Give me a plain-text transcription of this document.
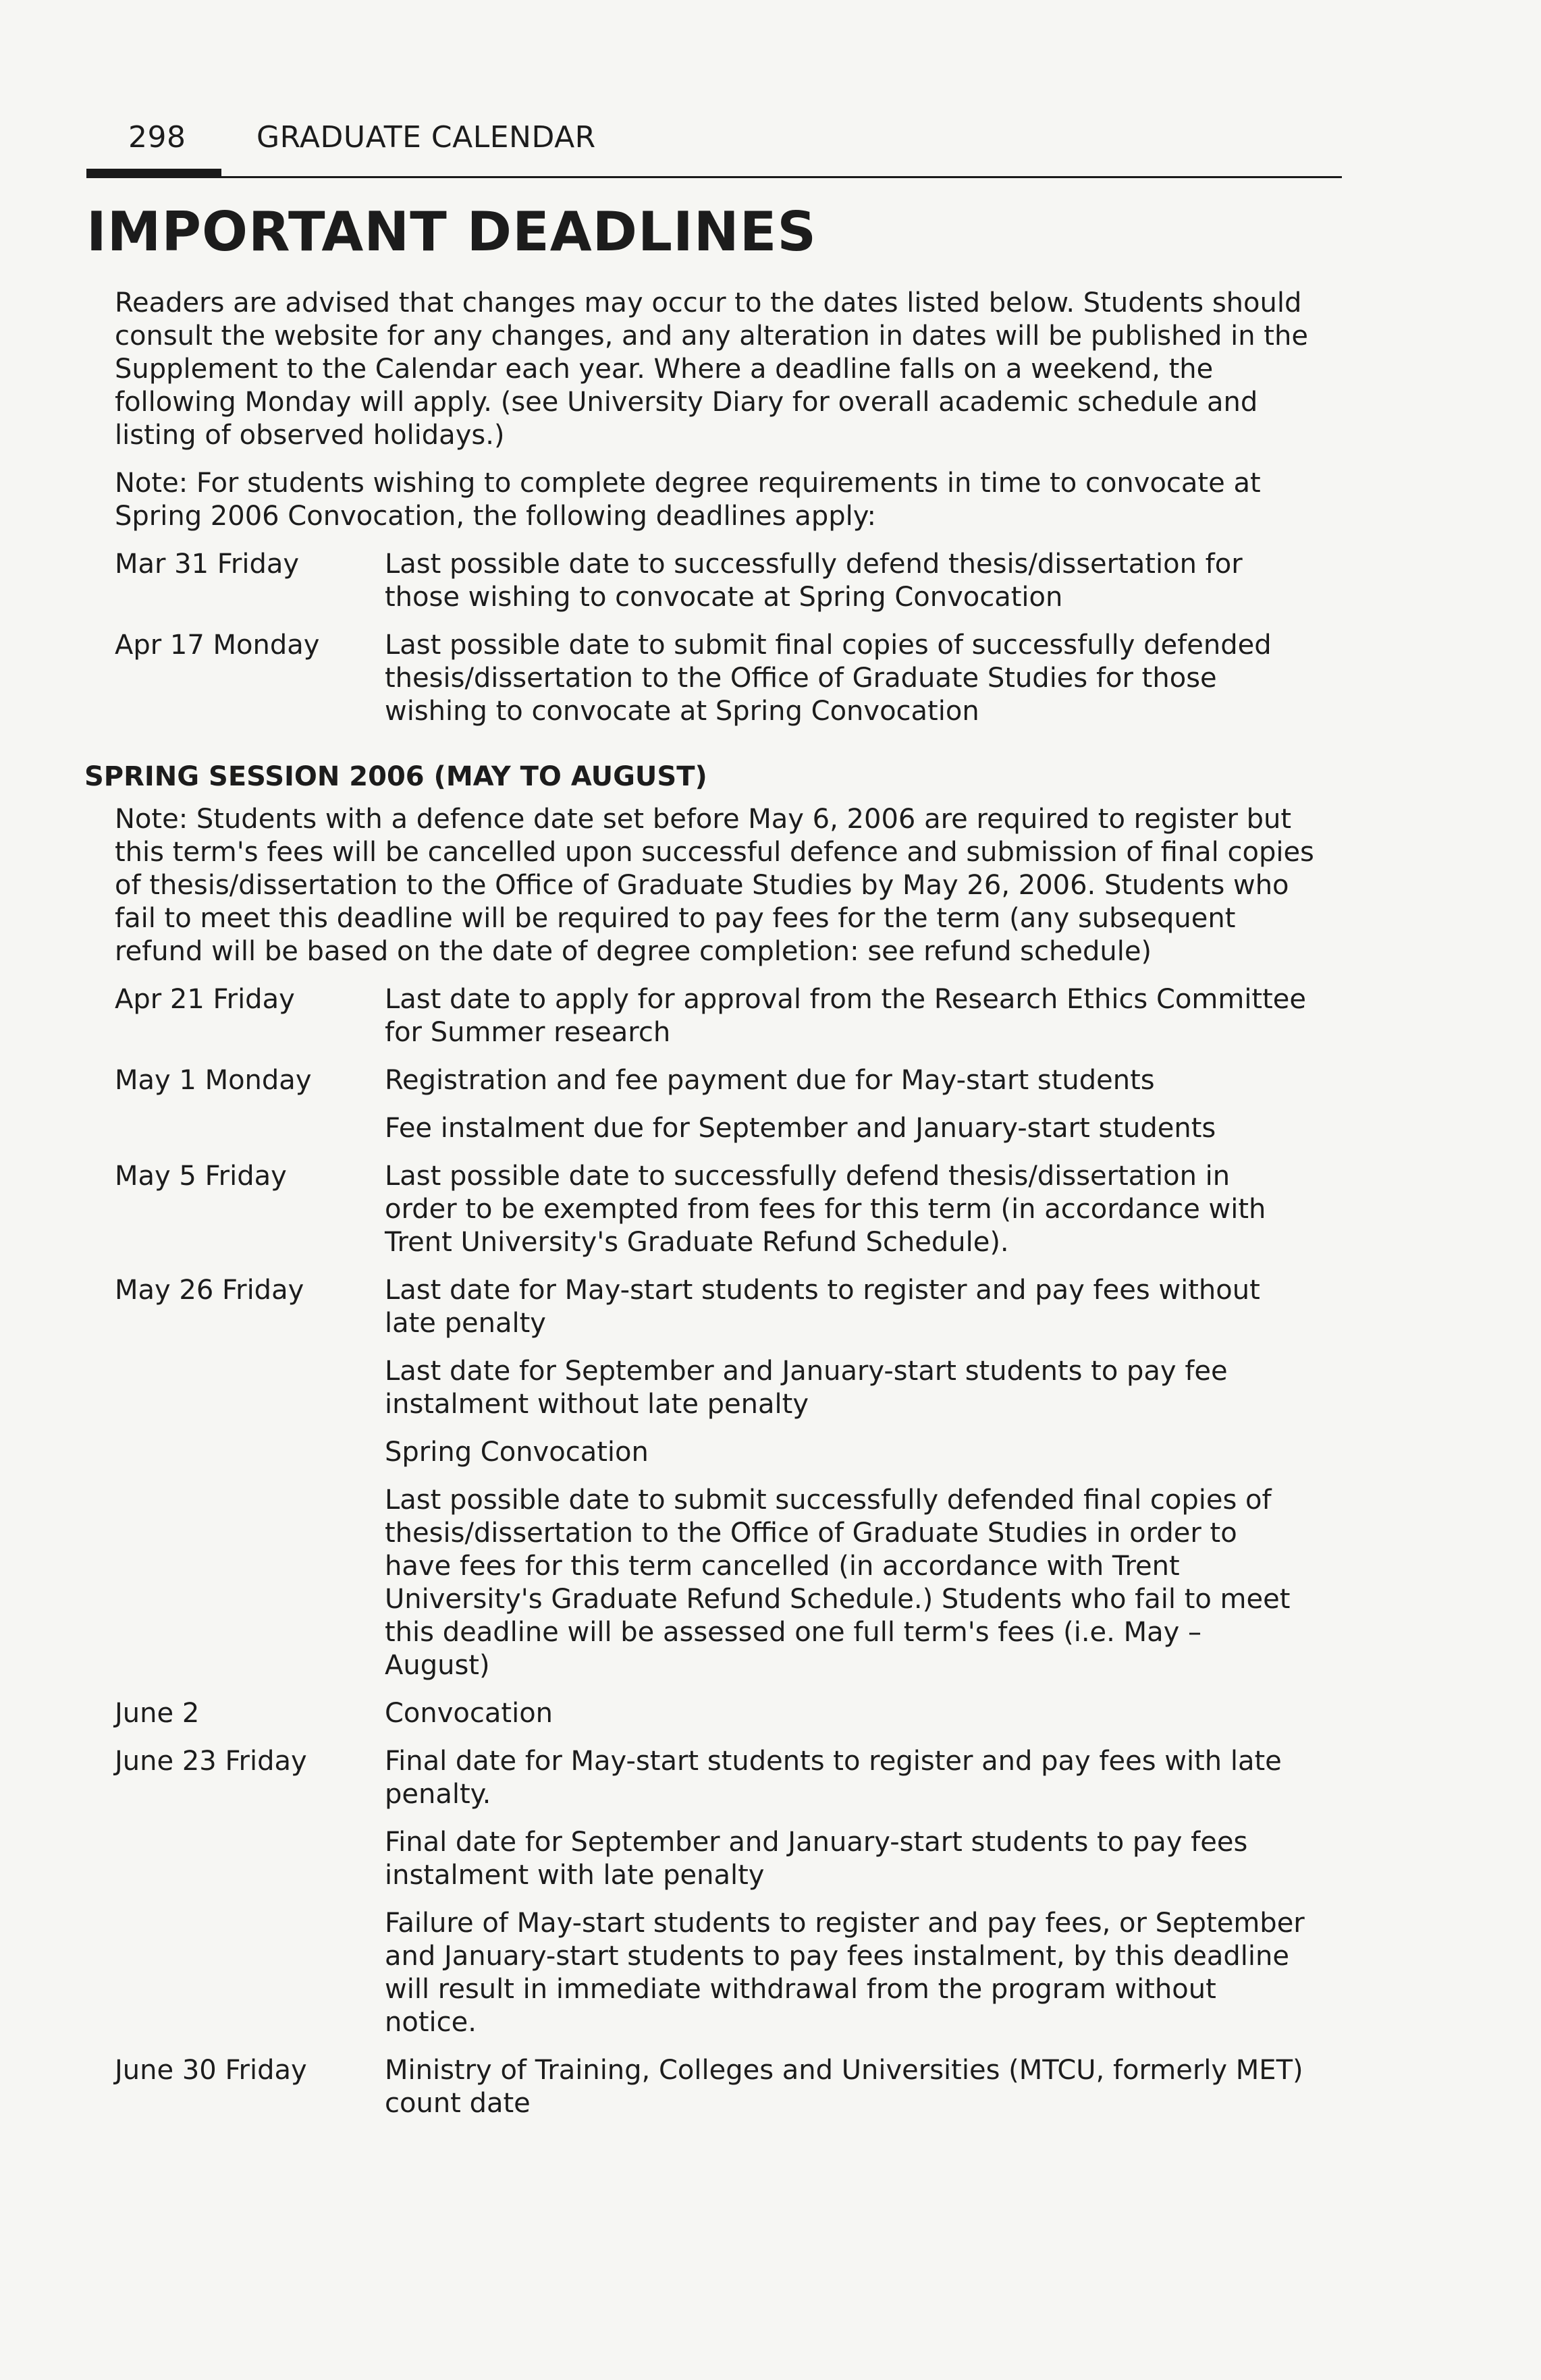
298	GRADUATE CALENDAR
IMPORTANT DEADLINES

Readers are advised that changes may occur to the dates listed below. Students should consult the website for any changes, and any alteration in dates will be published in the Supplement to the Calendar each year. Where a deadline falls on a weekend, the following Monday will apply. (see University Diary for overall academic schedule and listing of observed holidays.)

Note: For students wishing to complete degree requirements in time to convocate at Spring 2006 Convocation, the following deadlines apply:

Mar 31 Friday	Last possible date to successfully defend thesis/dissertation for those wishing to convocate at Spring Convocation
Apr 17 Monday	Last possible date to submit final copies of successfully defended thesis/dissertation to the Office of Graduate Studies for those wishing to convocate at Spring Convocation
SPRING SESSION 2006 (MAY TO AUGUST)

Note: Students with a defence date set before May 6, 2006 are required to register but this term's fees will be cancelled upon successful defence and submission of final copies of thesis/dissertation to the Office of Graduate Studies by May 26, 2006. Students who fail to meet this deadline will be required to pay fees for the term (any subsequent refund will be based on the date of degree completion: see refund schedule)

Apr 21 Friday	Last date to apply for approval from the Research Ethics Committee for Summer research
May 1 Monday	Registration and fee payment due for May-start students
Fee instalment due for September and January-start students
May 5 Friday	Last possible date to successfully defend thesis/dissertation in order to be exempted from fees for this term (in accordance with Trent University's Graduate Refund Schedule).
May 26 Friday	Last date for May-start students to register and pay fees without late penalty
Last date for September and January-start students to pay fee instalment without late penalty
Spring Convocation
Last possible date to submit successfully defended final copies of thesis/dissertation to the Office of Graduate Studies in order to have fees for this term cancelled (in accordance with Trent University's Graduate Refund Schedule.) Students who fail to meet this deadline will be assessed one full term's fees (i.e. May – August)
June 2	Convocation
June 23 Friday	Final date for May-start students to register and pay fees with late penalty.
Final date for September and January-start students to pay fees instalment with late penalty
Failure of May-start students to register and pay fees, or September and January-start students to pay fees instalment, by this deadline will result in immediate withdrawal from the program without notice.
June 30 Friday	Ministry of Training, Colleges and Universities (MTCU, formerly MET) count date
